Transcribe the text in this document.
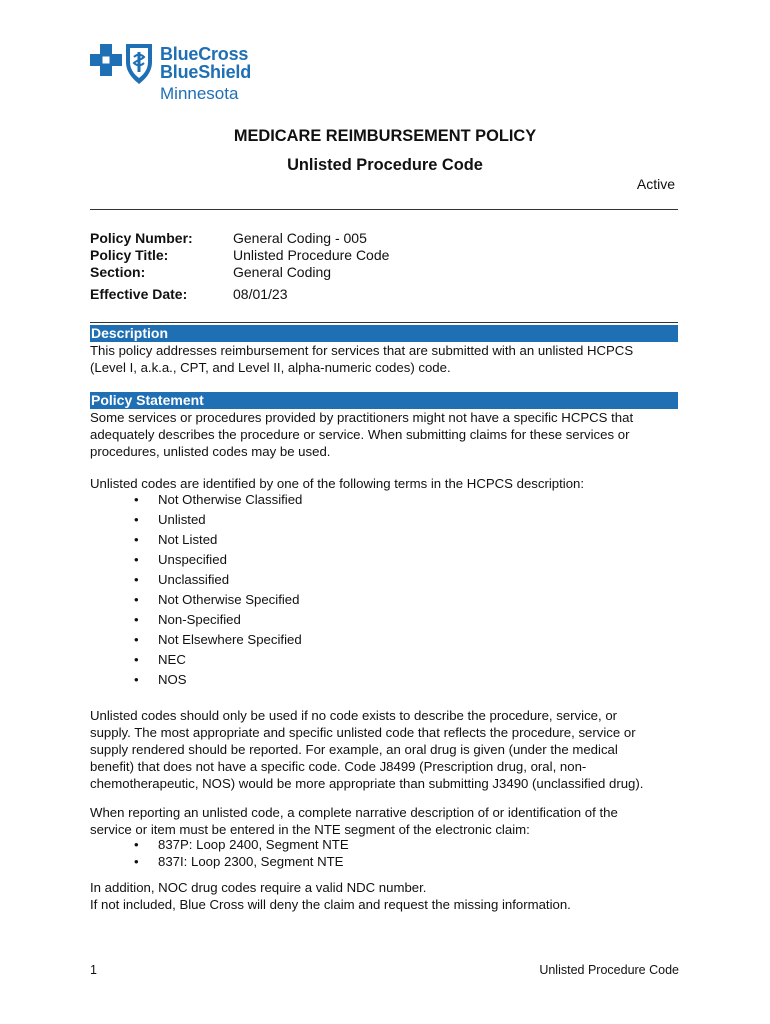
BlueCross
BlueShield
Minnesota
MEDICARE REIMBURSEMENT POLICY
Unlisted Procedure Code
Active
Policy Number:	General Coding - 005
Policy Title:	Unlisted Procedure Code
Section:	General Coding
Effective Date:	08/01/23
Description

This policy addresses reimbursement for services that are submitted with an unlisted HCPCS
(Level I, a.k.a., CPT, and Level II, alpha-numeric codes) code.

Policy Statement

Some services or procedures provided by practitioners might not have a specific HCPCS that
adequately describes the procedure or service. When submitting claims for these services or
procedures, unlisted codes may be used.

Unlisted codes are identified by one of the following terms in the HCPCS description:

• Not Otherwise Classified
• Unlisted
• Not Listed
• Unspecified
• Unclassified
• Not Otherwise Specified
• Non-Specified
• Not Elsewhere Specified
• NEC
• NOS

Unlisted codes should only be used if no code exists to describe the procedure, service, or
supply. The most appropriate and specific unlisted code that reflects the procedure, service or
supply rendered should be reported. For example, an oral drug is given (under the medical
benefit) that does not have a specific code. Code J8499 (Prescription drug, oral, non-
chemotherapeutic, NOS) would be more appropriate than submitting J3490 (unclassified drug).

When reporting an unlisted code, a complete narrative description of or identification of the
service or item must be entered in the NTE segment of the electronic claim:

• 837P: Loop 2400, Segment NTE
• 837I: Loop 2300, Segment NTE

In addition, NOC drug codes require a valid NDC number.
If not included, Blue Cross will deny the claim and request the missing information.

1	Unlisted Procedure Code
